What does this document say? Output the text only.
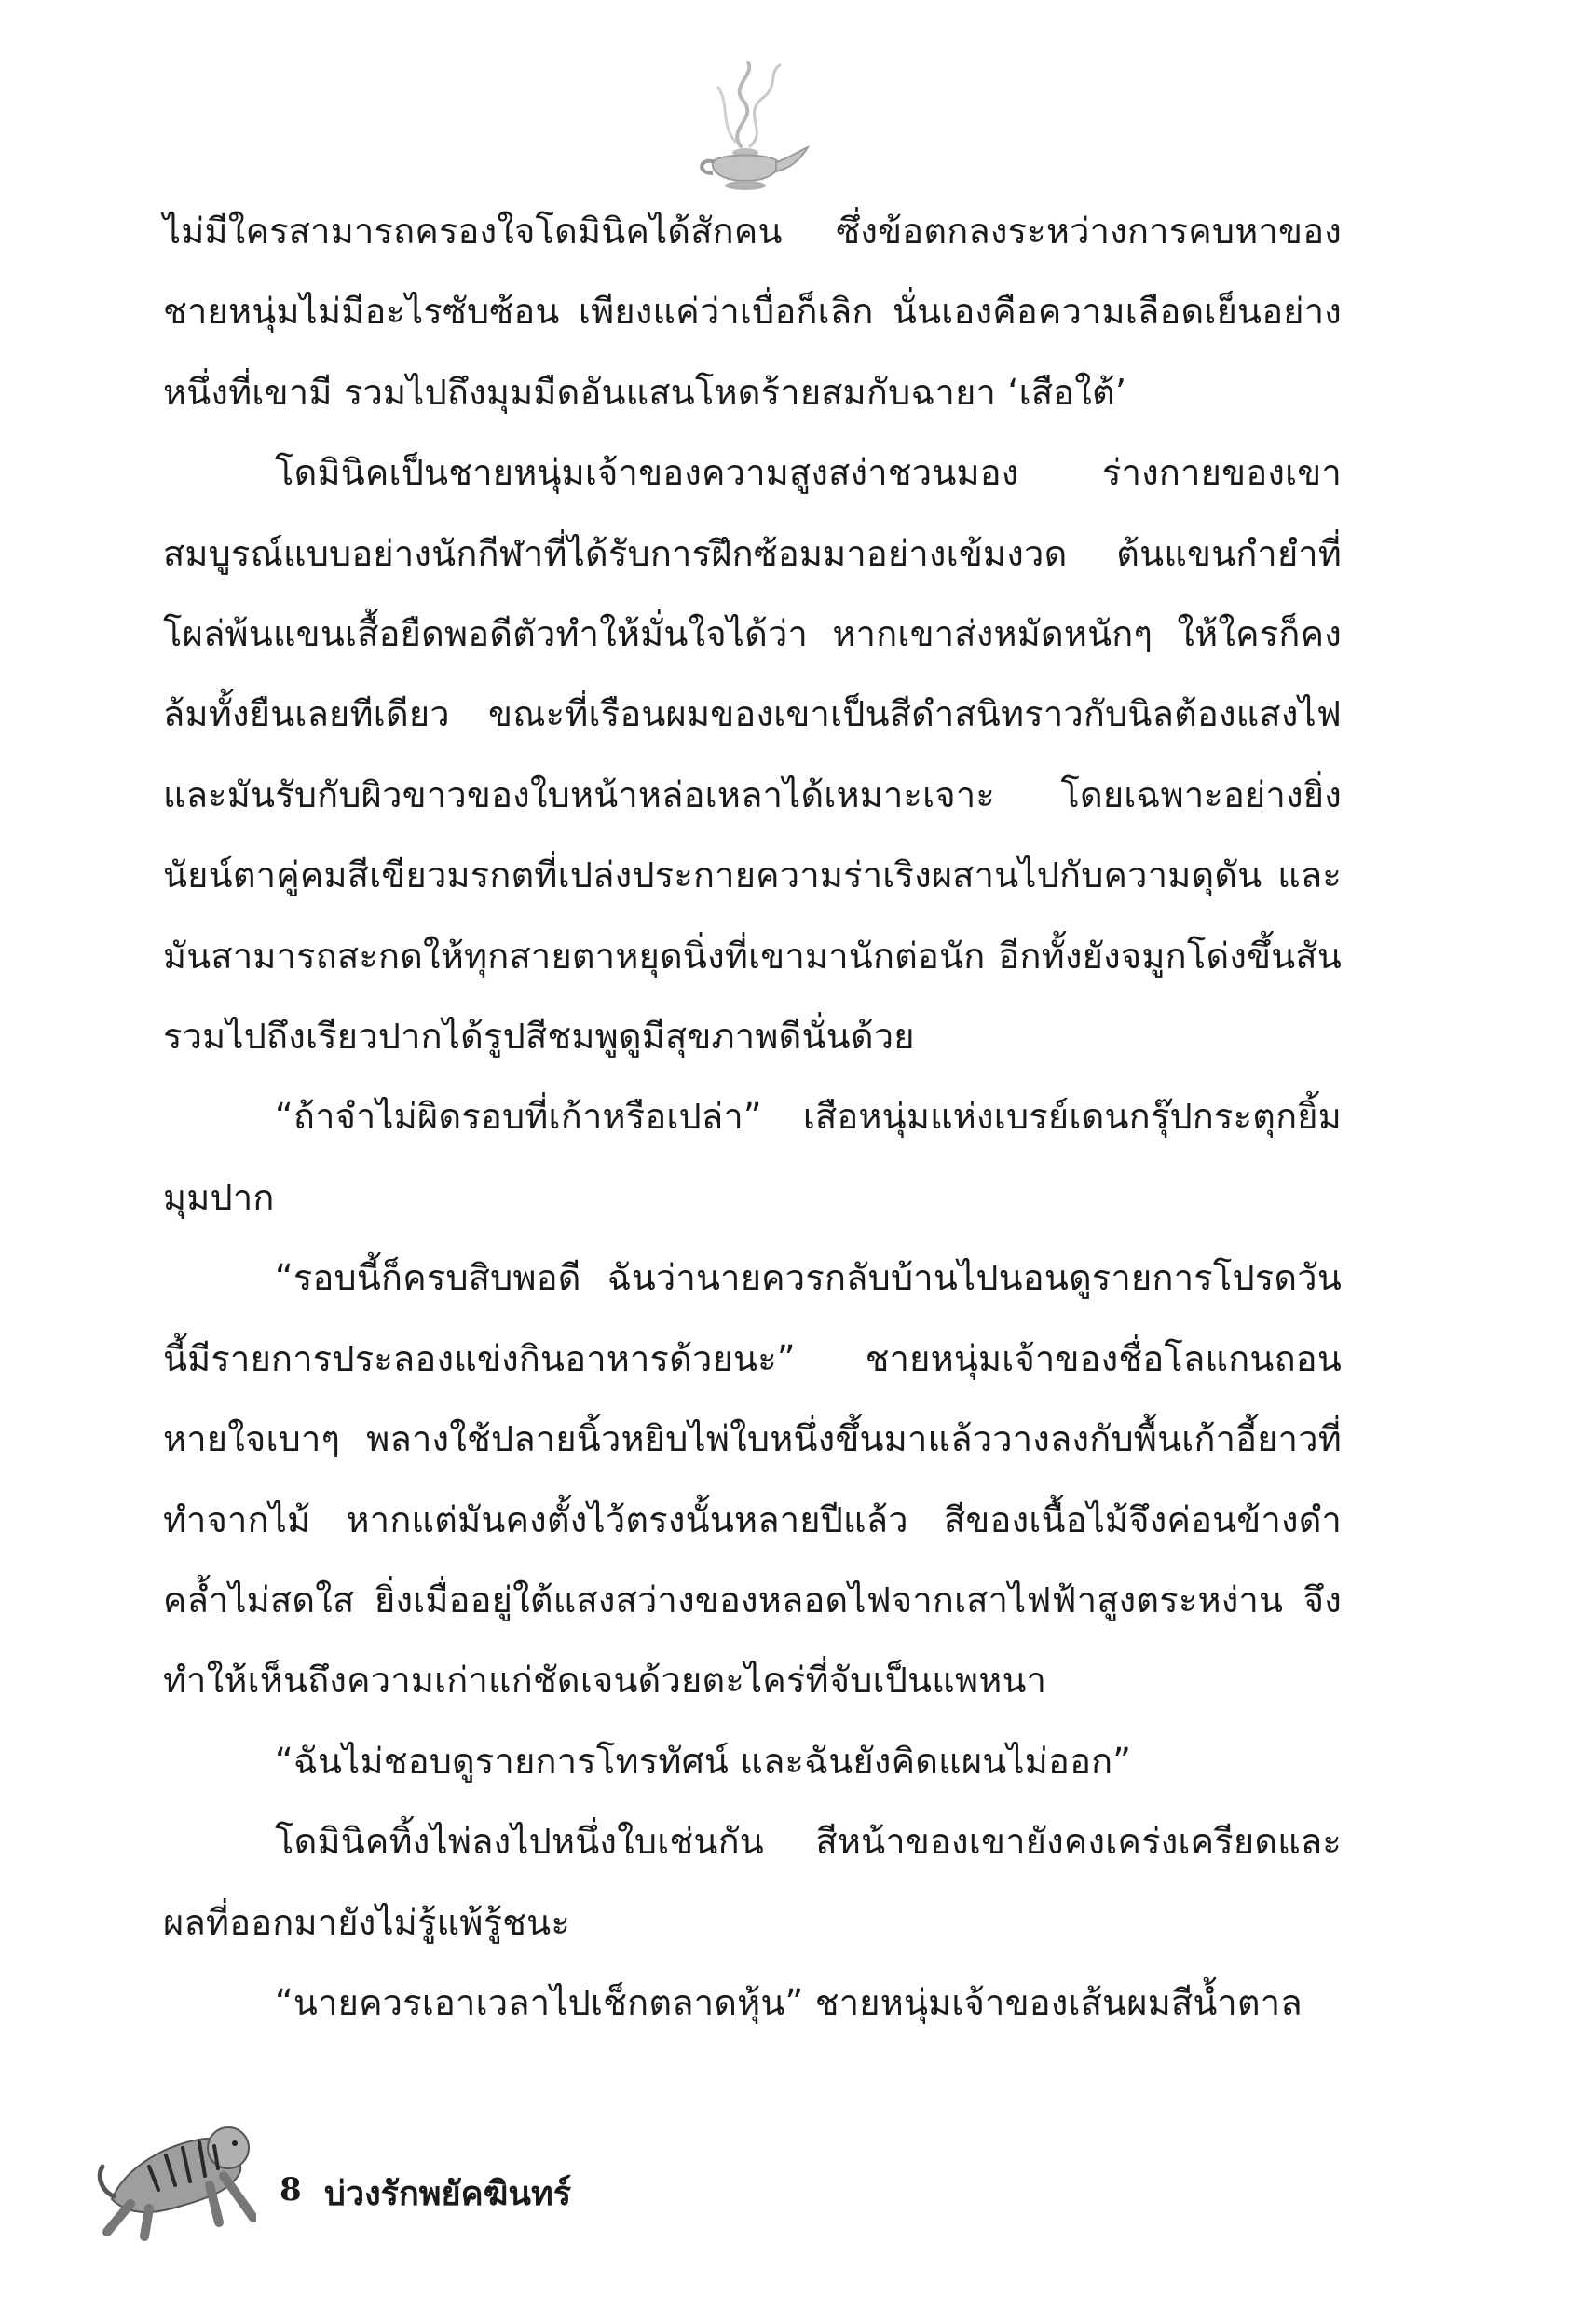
ไม่มีใครสามารถครองใจโดมินิคได้สักคน ซึ่งข้อตกลงระหว่างการคบหาของชายหนุ่มไม่มีอะไรซับซ้อน เพียงแค่ว่าเบื่อก็เลิก นั่นเองคือความเลือดเย็นอย่างหนึ่งที่เขามี รวมไปถึงมุมมืดอันแสนโหดร้ายสมกับฉายา ‘เสือใต้’

โดมินิคเป็นชายหนุ่มเจ้าของความสูงสง่าชวนมอง ร่างกายของเขาสมบูรณ์แบบอย่างนักกีฬาที่ได้รับการฝึกซ้อมมาอย่างเข้มงวด ต้นแขนกำยำที่โผล่พ้นแขนเสื้อยืดพอดีตัวทำให้มั่นใจได้ว่า หากเขาส่งหมัดหนักๆ ให้ใครก็คงล้มทั้งยืนเลยทีเดียว ขณะที่เรือนผมของเขาเป็นสีดำสนิทราวกับนิลต้องแสงไฟ และมันรับกับผิวขาวของใบหน้าหล่อเหลาได้เหมาะเจาะ โดยเฉพาะอย่างยิ่งนัยน์ตาคู่คมสีเขียวมรกตที่เปล่งประกายความร่าเริงผสานไปกับความดุดัน และมันสามารถสะกดให้ทุกสายตาหยุดนิ่งที่เขามานักต่อนัก อีกทั้งยังจมูกโด่งขึ้นสัน รวมไปถึงเรียวปากได้รูปสีชมพูดูมีสุขภาพดีนั่นด้วย

“ถ้าจำไม่ผิดรอบที่เก้าหรือเปล่า” เสือหนุ่มแห่งเบรย์เดนกรุ๊ปกระตุกยิ้มมุมปาก

“รอบนี้ก็ครบสิบพอดี ฉันว่านายควรกลับบ้านไปนอนดูรายการโปรดวันนี้มีรายการประลองแข่งกินอาหารด้วยนะ” ชายหนุ่มเจ้าของชื่อโลแกนถอนหายใจเบาๆ พลางใช้ปลายนิ้วหยิบไพ่ใบหนึ่งขึ้นมาแล้ววางลงกับพื้นเก้าอี้ยาวที่ทำจากไม้ หากแต่มันคงตั้งไว้ตรงนั้นหลายปีแล้ว สีของเนื้อไม้จึงค่อนข้างดำคล้ำไม่สดใส ยิ่งเมื่ออยู่ใต้แสงสว่างของหลอดไฟจากเสาไฟฟ้าสูงตระหง่าน จึงทำให้เห็นถึงความเก่าแก่ชัดเจนด้วยตะไคร่ที่จับเป็นแพหนา

“ฉันไม่ชอบดูรายการโทรทัศน์ และฉันยังคิดแผนไม่ออก”

โดมินิคทิ้งไพ่ลงไปหนึ่งใบเช่นกัน สีหน้าของเขายังคงเคร่งเครียดและผลที่ออกมายังไม่รู้แพ้รู้ชนะ

“นายควรเอาเวลาไปเช็กตลาดหุ้น” ชายหนุ่มเจ้าของเส้นผมสีน้ำตาล

8 บ่วงรักพยัคฆินทร์
